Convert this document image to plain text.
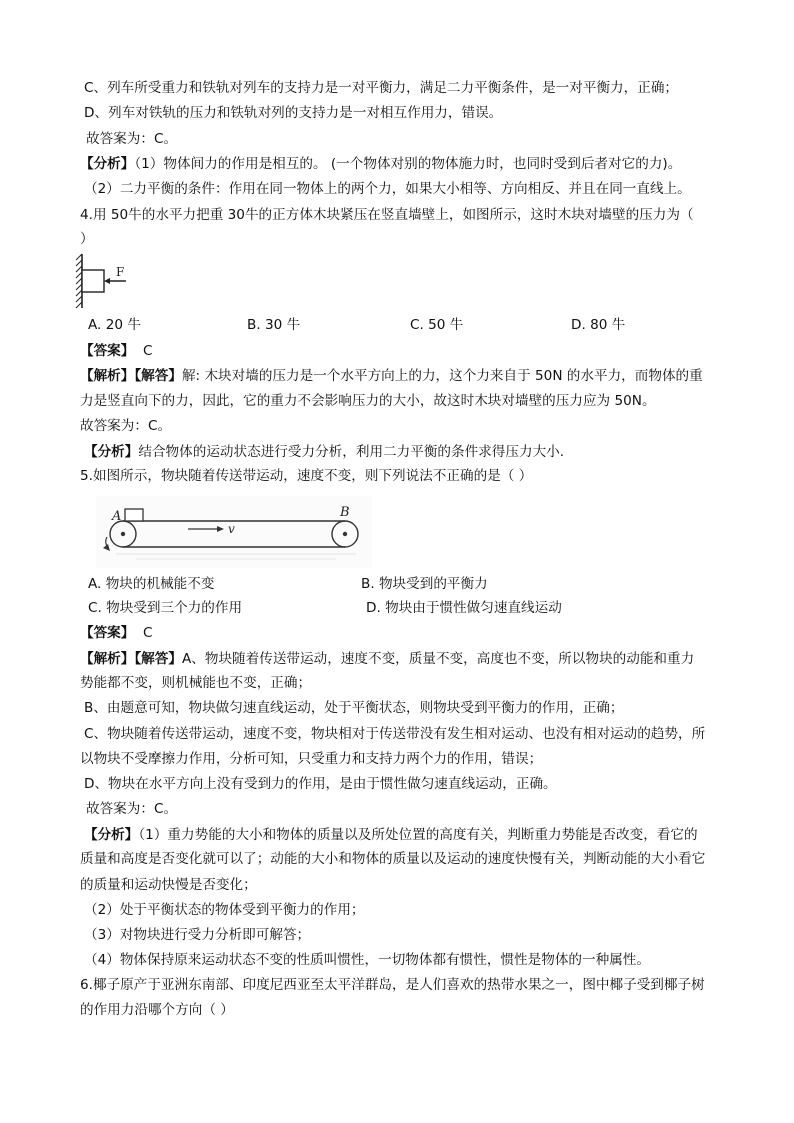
C、列车所受重力和铁轨对列车的支持力是一对平衡力，满足二力平衡条件，是一对平衡力，正确；
D、列车对铁轨的压力和铁轨对列的支持力是一对相互作用力，错误。
故答案为：C。
【分析】（1）物体间力的作用是相互的。 (一个物体对别的物体施力时，也同时受到后者对它的力)。
（2）二力平衡的条件：作用在同一物体上的两个力，如果大小相等、方向相反、并且在同一直线上。
4.用 50牛的水平力把重 30牛的正方体木块紧压在竖直墙壁上，如图所示，这时木块对墙壁的压力为（
）
F
A. 20 牛	B. 30 牛	C. 50 牛	D. 80 牛
【答案】 C
【解析】【解答】解: 木块对墙的压力是一个水平方向上的力，这个力来自于 50N 的水平力，而物体的重
力是竖直向下的力，因此，它的重力不会影响压力的大小，故这时木块对墙壁的压力应为 50N。
故答案为：C。
【分析】结合物体的运动状态进行受力分析，利用二力平衡的条件求得压力大小.
5.如图所示，物块随着传送带运动，速度不变，则下列说法不正确的是（ ）
A	B
v
A. 物块的机械能不变	B. 物块受到的平衡力
C. 物块受到三个力的作用	D. 物块由于惯性做匀速直线运动
【答案】 C
【解析】【解答】A、物块随着传送带运动，速度不变，质量不变，高度也不变，所以物块的动能和重力
势能都不变，则机械能也不变，正确；
B、由题意可知，物块做匀速直线运动，处于平衡状态，则物块受到平衡力的作用，正确；
C、物块随着传送带运动，速度不变，物块相对于传送带没有发生相对运动、也没有相对运动的趋势，所
以物块不受摩擦力作用，分析可知，只受重力和支持力两个力的作用，错误；
D、物块在水平方向上没有受到力的作用，是由于惯性做匀速直线运动，正确。
故答案为：C。
【分析】（1）重力势能的大小和物体的质量以及所处位置的高度有关，判断重力势能是否改变，看它的
质量和高度是否变化就可以了；动能的大小和物体的质量以及运动的速度快慢有关，判断动能的大小看它
的质量和运动快慢是否变化；
（2）处于平衡状态的物体受到平衡力的作用；
（3）对物块进行受力分析即可解答；
（4）物体保持原来运动状态不变的性质叫惯性，一切物体都有惯性，惯性是物体的一种属性。
6.椰子原产于亚洲东南部、印度尼西亚至太平洋群岛，是人们喜欢的热带水果之一，图中椰子受到椰子树
的作用力沿哪个方向（ ）
